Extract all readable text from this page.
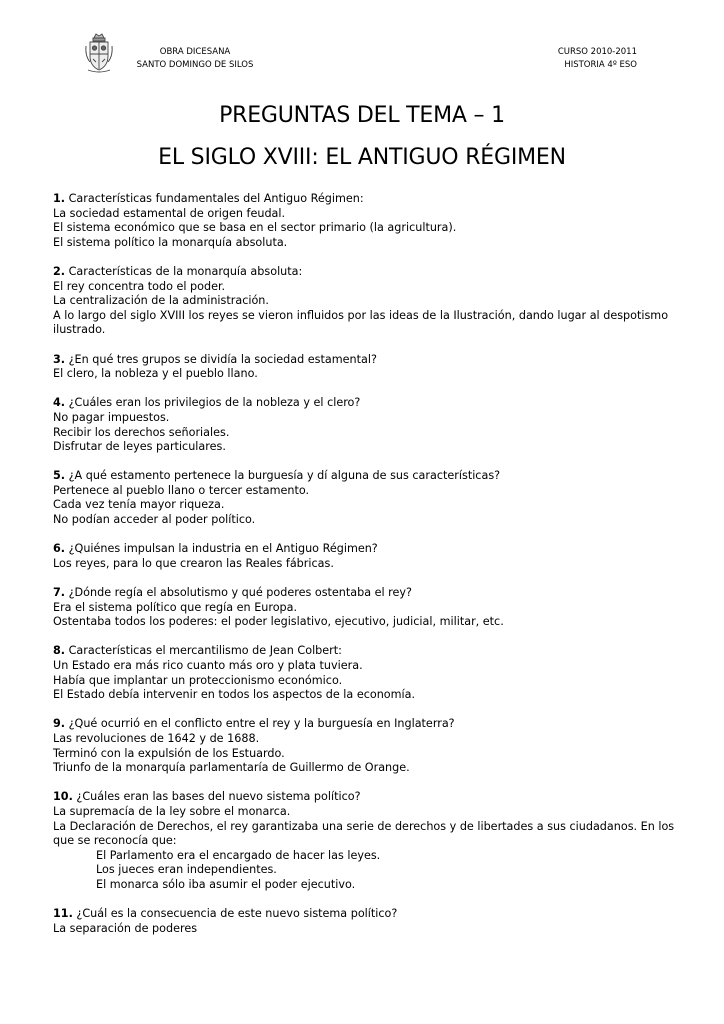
OBRA DICESANA
SANTO DOMINGO DE SILOS
CURSO 2010-2011
HISTORIA 4º ESO
PREGUNTAS DEL TEMA – 1
EL SIGLO XVIII: EL ANTIGUO RÉGIMEN

1. Características fundamentales del Antiguo Régimen:

La sociedad estamental de origen feudal.

El sistema económico que se basa en el sector primario (la agricultura).

El sistema político la monarquía absoluta.

2. Características de la monarquía absoluta:

El rey concentra todo el poder.

La centralización de la administración.

A lo largo del siglo XVIII los reyes se vieron influidos por las ideas de la Ilustración, dando lugar al despotismo ilustrado.

3. ¿En qué tres grupos se dividía la sociedad estamental?

El clero, la nobleza y el pueblo llano.

4. ¿Cuáles eran los privilegios de la nobleza y el clero?

No pagar impuestos.

Recibir los derechos señoriales.

Disfrutar de leyes particulares.

5. ¿A qué estamento pertenece la burguesía y dí alguna de sus características?

Pertenece al pueblo llano o tercer estamento.

Cada vez tenía mayor riqueza.

No podían acceder al poder político.

6. ¿Quiénes impulsan la industria en el Antiguo Régimen?

Los reyes, para lo que crearon las Reales fábricas.

7. ¿Dónde regía el absolutismo y qué poderes ostentaba el rey?

Era el sistema político que regía en Europa.

Ostentaba todos los poderes: el poder legislativo, ejecutivo, judicial, militar, etc.

8. Características el mercantilismo de Jean Colbert:

Un Estado era más rico cuanto más oro y plata tuviera.

Había que implantar un proteccionismo económico.

El Estado debía intervenir en todos los aspectos de la economía.

9. ¿Qué ocurrió en el conflicto entre el rey y la burguesía en Inglaterra?

Las revoluciones de 1642 y de 1688.

Terminó con la expulsión de los Estuardo.

Triunfo de la monarquía parlamentaría de Guillermo de Orange.

10. ¿Cuáles eran las bases del nuevo sistema político?

La supremacía de la ley sobre el monarca.

La Declaración de Derechos, el rey garantizaba una serie de derechos y de libertades a sus ciudadanos. En los que se reconocía que:

El Parlamento era el encargado de hacer las leyes.

Los jueces eran independientes.

El monarca sólo iba asumir el poder ejecutivo.

11. ¿Cuál es la consecuencia de este nuevo sistema político?

La separación de poderes
